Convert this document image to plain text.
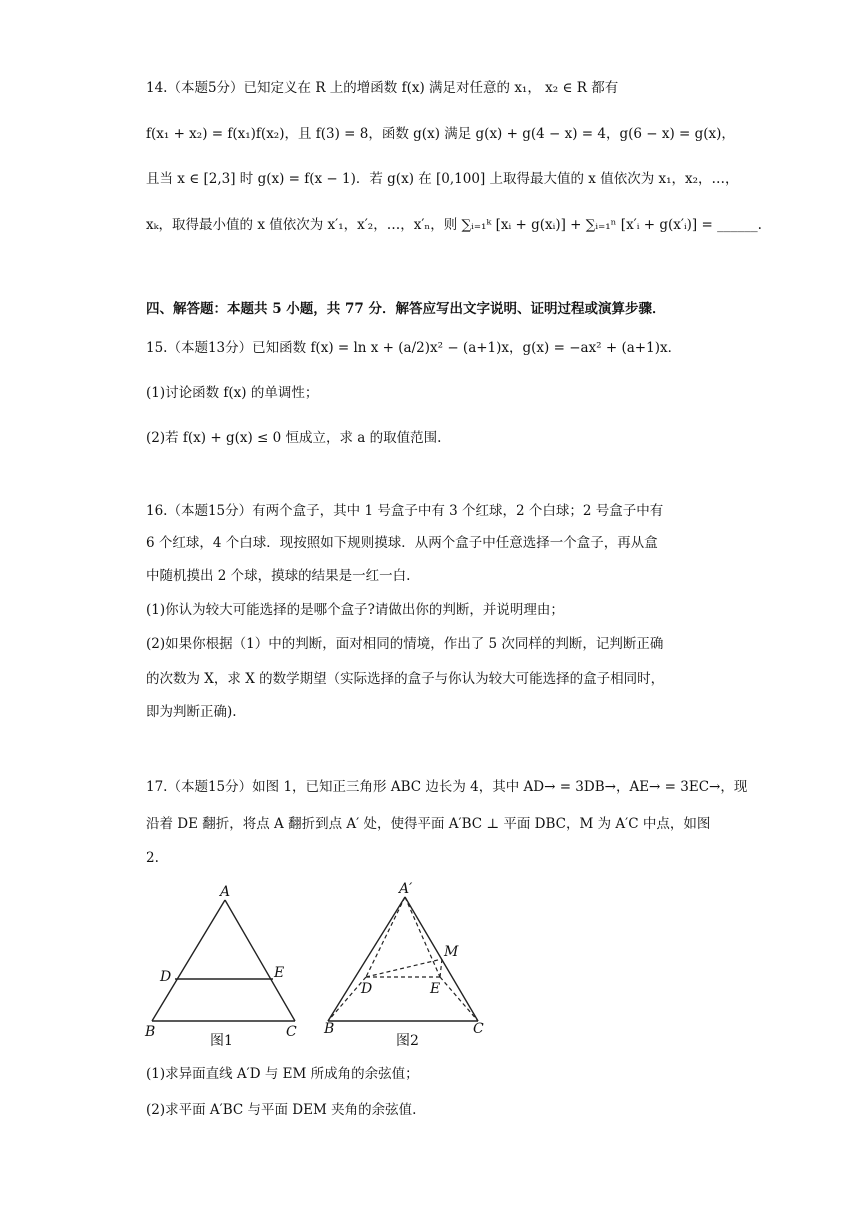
14.（本题5分）已知定义在 R 上的增函数 f(x) 满足对任意的 x₁， x₂ ∈ R 都有
f(x₁ + x₂) = f(x₁)f(x₂)，且 f(3) = 8，函数 g(x) 满足 g(x) + g(4 − x) = 4，g(6 − x) = g(x)，
且当 x ∈ [2,3] 时 g(x) = f(x − 1)．若 g(x) 在 [0,100] 上取得最大值的 x 值依次为 x₁，x₂，…，
xₖ，取得最小值的 x 值依次为 x′₁，x′₂，…，x′ₙ，则 ∑ᵢ₌₁ᵏ [xᵢ + g(xᵢ)] + ∑ᵢ₌₁ⁿ [x′ᵢ + g(x′ᵢ)] = ______.
四、解答题：本题共 5 小题，共 77 分．解答应写出文字说明、证明过程或演算步骤．
15.（本题13分）已知函数 f(x) = ln x + (a/2)x² − (a+1)x，g(x) = −ax² + (a+1)x．
(1)讨论函数 f(x) 的单调性；
(2)若 f(x) + g(x) ≤ 0 恒成立，求 a 的取值范围.
16.（本题15分）有两个盒子，其中 1 号盒子中有 3 个红球，2 个白球；2 号盒子中有
6 个红球，4 个白球．现按照如下规则摸球．从两个盒子中任意选择一个盒子，再从盒
中随机摸出 2 个球，摸球的结果是一红一白.
(1)你认为较大可能选择的是哪个盒子?请做出你的判断，并说明理由；
(2)如果你根据（1）中的判断，面对相同的情境，作出了 5 次同样的判断，记判断正确
的次数为 X，求 X 的数学期望（实际选择的盒子与你认为较大可能选择的盒子相同时，
即为判断正确).
17.（本题15分）如图 1，已知正三角形 ABC 边长为 4，其中 AD→ = 3DB→，AE→ = 3EC→，现
沿着 DE 翻折，将点 A 翻折到点 A′ 处，使得平面 A′BC ⊥ 平面 DBC，M 为 A′C 中点，如图
2.
A
D	E
B	C
图1
A′
M
D	E
B	C
图2
(1)求异面直线 A′D 与 EM 所成角的余弦值；
(2)求平面 A′BC 与平面 DEM 夹角的余弦值.
